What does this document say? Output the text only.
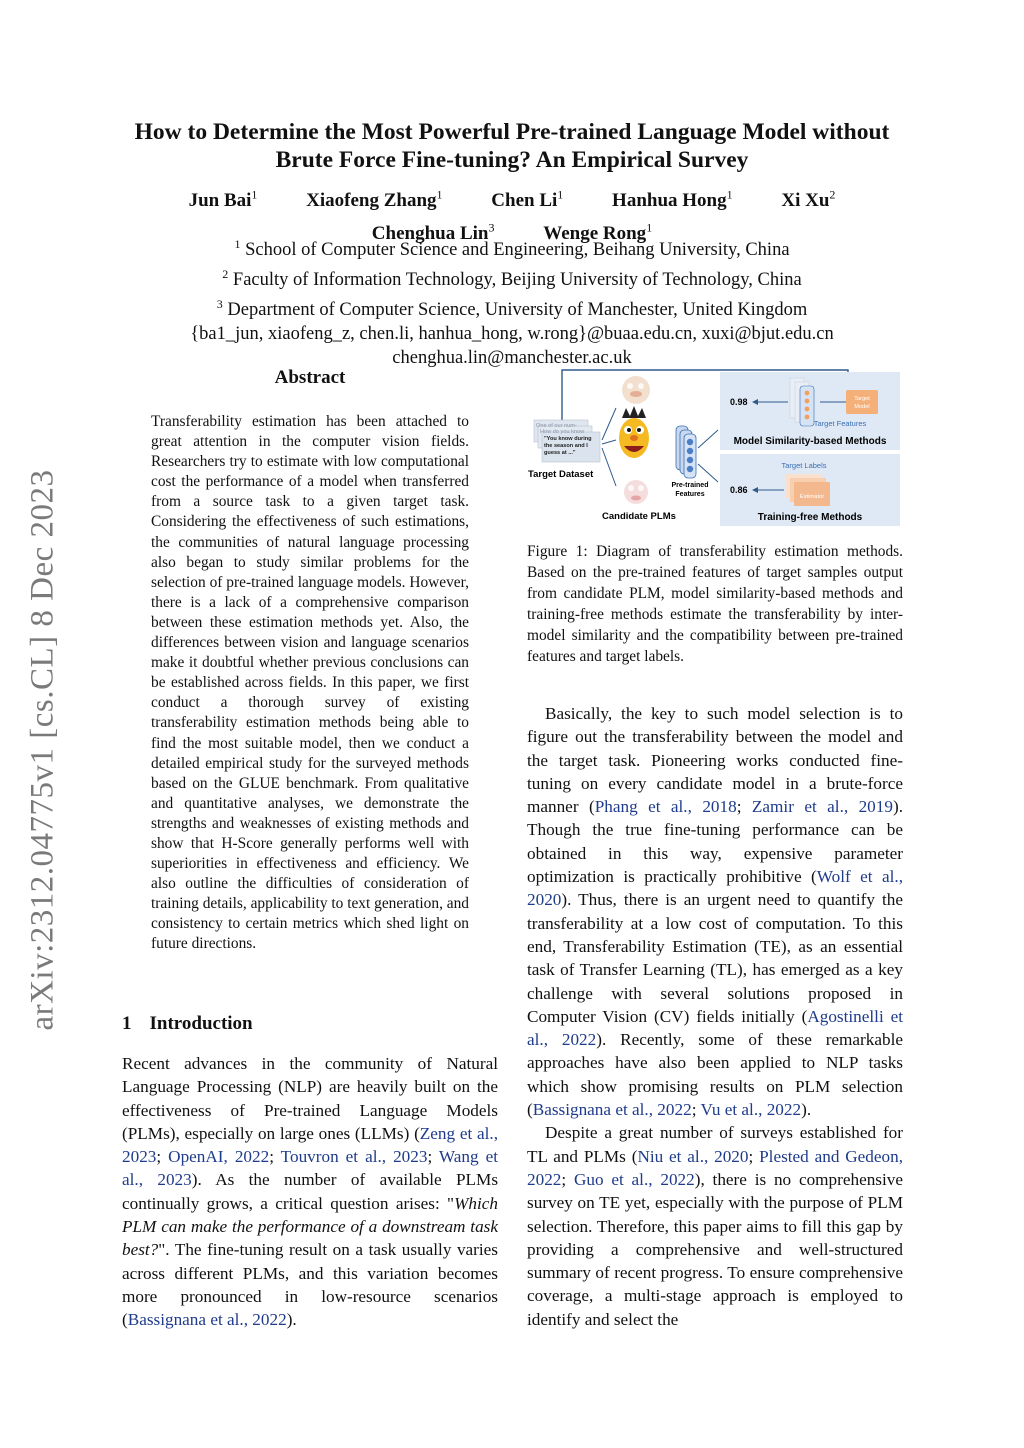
arXiv:2312.04775v1 [cs.CL] 8 Dec 2023
How to Determine the Most Powerful Pre-trained Language Model without
Brute Force Fine-tuning? An Empirical Survey
Jun Bai$^1$	Xiaofeng Zhang$^1$	Chen Li$^1$	Hanhua Hong$^1$	Xi Xu$^2$
Chenghua Lin$^3$	Wenge Rong$^1$
$^1$ School of Computer Science and Engineering, Beihang University, China
$^2$ Faculty of Information Technology, Beijing University of Technology, China
$^3$ Department of Computer Science, University of Manchester, United Kingdom
{ba1_jun, xiaofeng_z, chen.li, hanhua_hong, w.rong}@buaa.edu.cn, xuxi@bjut.edu.cn
chenghua.lin@manchester.ac.uk
Abstract
Transferability estimation has been attached to great attention in the computer vision fields. Researchers try to estimate with low computational cost the performance of a model when transferred from a source task to a given target task. Considering the effectiveness of such estimations, the communities of natural language processing also began to study similar problems for the selection of pre-trained language models. However, there is a lack of a comprehensive comparison between these estimation methods yet. Also, the differences between vision and language scenarios make it doubtful whether previous conclusions can be established across fields. In this paper, we first conduct a thorough survey of existing transferability estimation methods being able to find the most suitable model, then we conduct a detailed empirical study for the surveyed methods based on the GLUE benchmark. From qualitative and quantitative analyses, we demonstrate the strengths and weaknesses of existing methods and show that H-Score generally performs well with superiorities in effectiveness and efficiency. We also outline the difficulties of consideration of training details, applicability to text generation, and consistency to certain metrics which shed light on future directions.
1 Introduction
Recent advances in the community of Natural Language Processing (NLP) are heavily built on the effectiveness of Pre-trained Language Models (PLMs), especially on large ones (LLMs) (Zeng et al., 2023; OpenAI, 2022; Touvron et al., 2023; Wang et al., 2023). As the number of available PLMs continually grows, a critical question arises: "Which PLM can make the performance of a downstream task best?". The fine-tuning result on a task usually varies across different PLMs, and this variation becomes more pronounced in low-resource scenarios (Bassignana et al., 2022).
One of our num-
How do you know
"You know during
the season and I
guess at ..."
Target Dataset
Candidate PLMs
Pre-trained
Features
Target
Model
Target Features
0.98
Model Similarity-based Methods
Target Labels
Estimator
0.86
Training-free Methods
Figure 1: Diagram of transferability estimation methods. Based on the pre-trained features of target samples output from candidate PLM, model similarity-based methods and training-free methods estimate the transferability by inter-model similarity and the compatibility between pre-trained features and target labels.

Basically, the key to such model selection is to figure out the transferability between the model and the target task. Pioneering works conducted fine-tuning on every candidate model in a brute-force manner (Phang et al., 2018; Zamir et al., 2019). Though the true fine-tuning performance can be obtained in this way, expensive parameter optimization is practically prohibitive (Wolf et al., 2020). Thus, there is an urgent need to quantify the transferability at a low cost of computation. To this end, Transferability Estimation (TE), as an essential task of Transfer Learning (TL), has emerged as a key challenge with several solutions proposed in Computer Vision (CV) fields initially (Agostinelli et al., 2022). Recently, some of these remarkable approaches have also been applied to NLP tasks which show promising results on PLM selection (Bassignana et al., 2022; Vu et al., 2022).

Despite a great number of surveys established for TL and PLMs (Niu et al., 2020; Plested and Gedeon, 2022; Guo et al., 2022), there is no comprehensive survey on TE yet, especially with the purpose of PLM selection. Therefore, this paper aims to fill this gap by providing a comprehensive and well-structured summary of recent progress. To ensure comprehensive coverage, a multi-stage approach is employed to identify and select the
